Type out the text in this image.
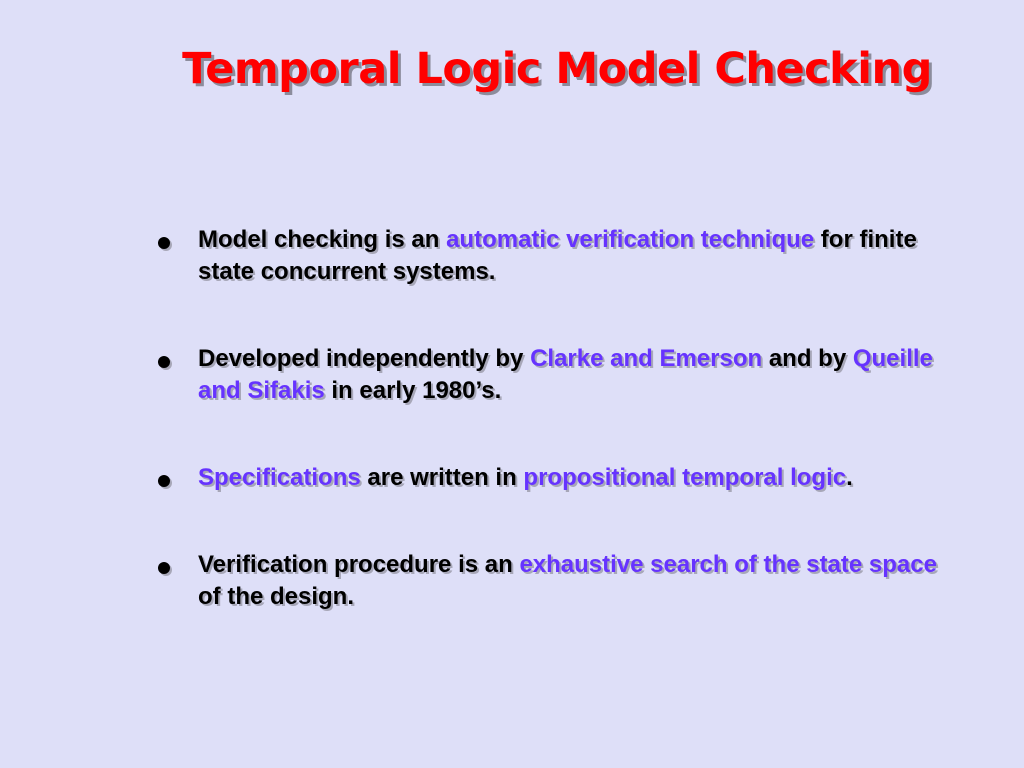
Temporal Logic Model Checking
Model checking is an automatic verification technique for finite state concurrent systems.
Developed independently by Clarke and Emerson and by Queille and Sifakis in early 1980’s.
Specifications are written in propositional temporal logic.
Verification procedure is an exhaustive search of the state space of the design.
